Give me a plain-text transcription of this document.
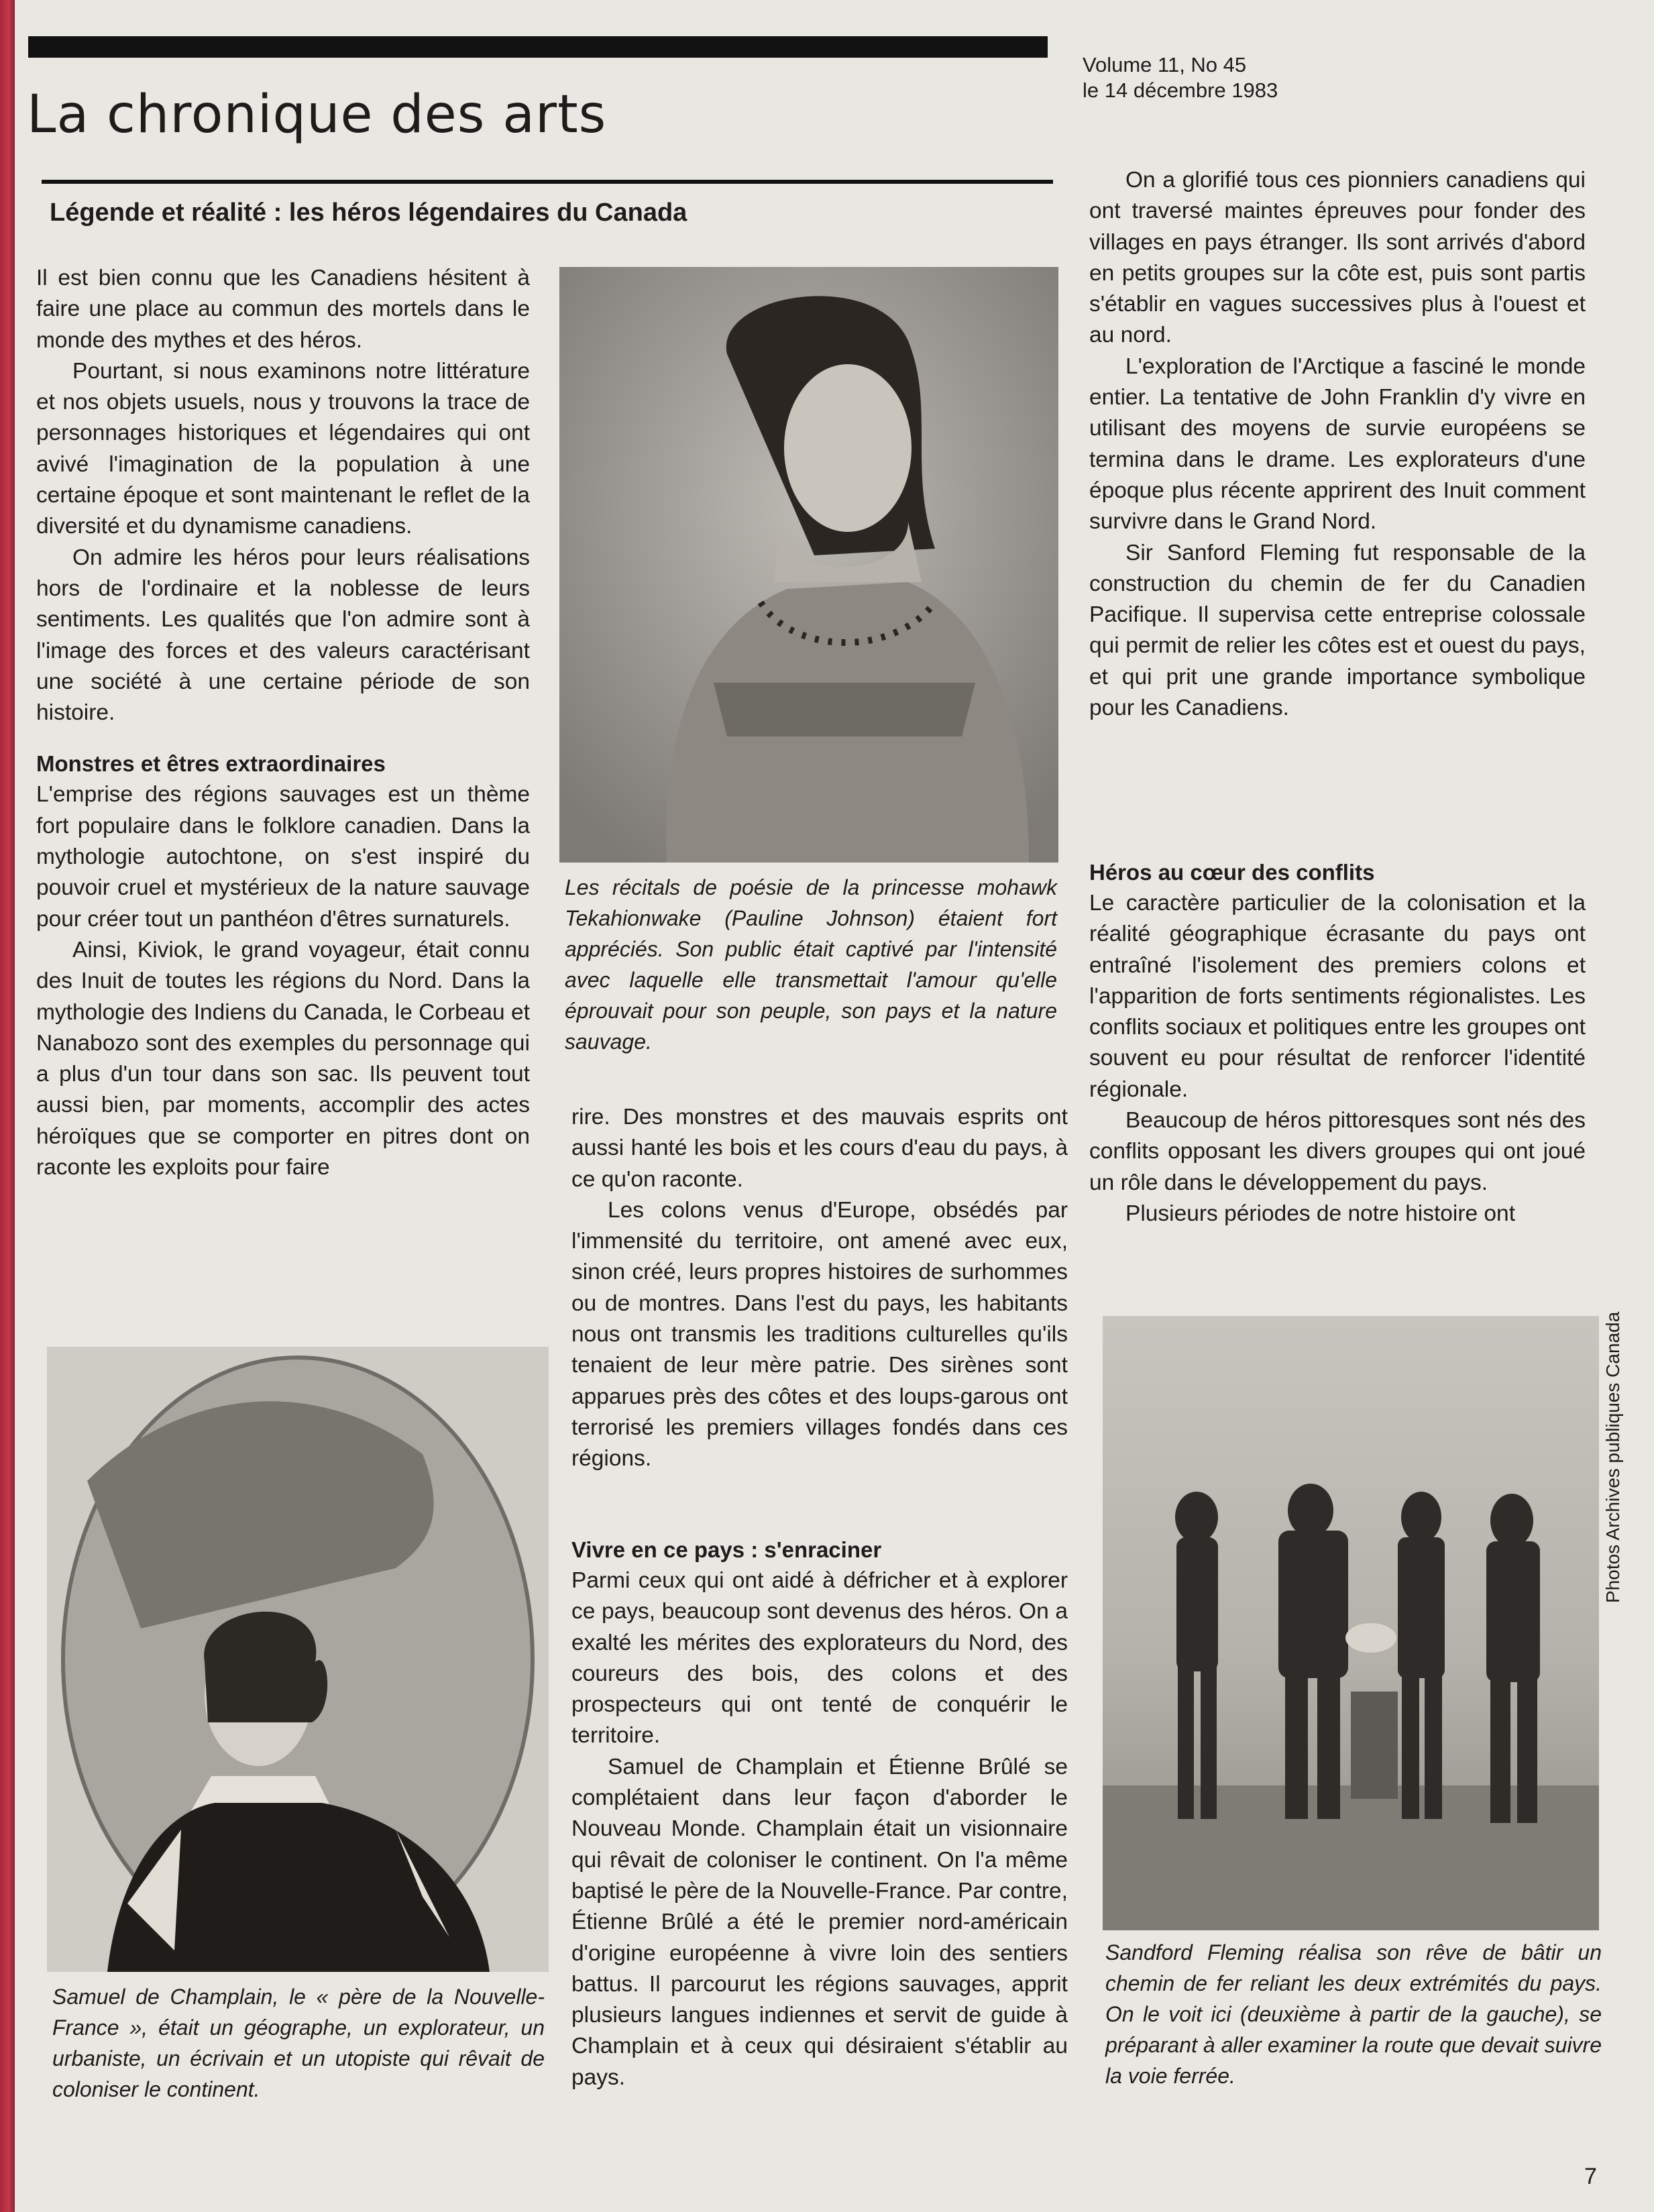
Volume 11, No 45
le 14 décembre 1983
La chronique des arts
Légende et réalité : les héros légendaires du Canada

Il est bien connu que les Canadiens hésitent à faire une place au commun des mortels dans le monde des mythes et des héros.

Pourtant, si nous examinons notre littérature et nos objets usuels, nous y trouvons la trace de personnages historiques et légendaires qui ont avivé l'imagination de la population à une certaine époque et sont maintenant le reflet de la diversité et du dynamisme canadiens.

On admire les héros pour leurs réalisations hors de l'ordinaire et la noblesse de leurs sentiments. Les qualités que l'on admire sont à l'image des forces et des valeurs caractérisant une société à une certaine période de son histoire.

Monstres et êtres extraordinaires

L'emprise des régions sauvages est un thème fort populaire dans le folklore canadien. Dans la mythologie autochtone, on s'est inspiré du pouvoir cruel et mystérieux de la nature sauvage pour créer tout un panthéon d'êtres surnaturels.

Ainsi, Kiviok, le grand voyageur, était connu des Inuit de toutes les régions du Nord. Dans la mythologie des Indiens du Canada, le Corbeau et Nanabozo sont des exemples du personnage qui a plus d'un tour dans son sac. Ils peuvent tout aussi bien, par moments, accomplir des actes héroïques que se comporter en pitres dont on raconte les exploits pour faire

Les récitals de poésie de la princesse mohawk Tekahionwake (Pauline Johnson) étaient fort appréciés. Son public était captivé par l'intensité avec laquelle elle transmettait l'amour qu'elle éprouvait pour son peuple, son pays et la nature sauvage.

rire. Des monstres et des mauvais esprits ont aussi hanté les bois et les cours d'eau du pays, à ce qu'on raconte.

Les colons venus d'Europe, obsédés par l'immensité du territoire, ont amené avec eux, sinon créé, leurs propres histoires de surhommes ou de montres. Dans l'est du pays, les habitants nous ont transmis les traditions culturelles qu'ils tenaient de leur mère patrie. Des sirènes sont apparues près des côtes et des loups-garous ont terrorisé les premiers villages fondés dans ces régions.

Vivre en ce pays : s'enraciner

Parmi ceux qui ont aidé à défricher et à explorer ce pays, beaucoup sont devenus des héros. On a exalté les mérites des explorateurs du Nord, des coureurs des bois, des colons et des prospecteurs qui ont tenté de conquérir le territoire.

Samuel de Champlain et Étienne Brûlé se complétaient dans leur façon d'aborder le Nouveau Monde. Champlain était un visionnaire qui rêvait de coloniser le continent. On l'a même baptisé le père de la Nouvelle-France. Par contre, Étienne Brûlé a été le premier nord-américain d'origine européenne à vivre loin des sentiers battus. Il parcourut les régions sauvages, apprit plusieurs langues indiennes et servit de guide à Champlain et à ceux qui désiraient s'établir au pays.

Samuel de Champlain, le « père de la Nouvelle-France », était un géographe, un explorateur, un urbaniste, un écrivain et un utopiste qui rêvait de coloniser le continent.

On a glorifié tous ces pionniers canadiens qui ont traversé maintes épreuves pour fonder des villages en pays étranger. Ils sont arrivés d'abord en petits groupes sur la côte est, puis sont partis s'établir en vagues successives plus à l'ouest et au nord.

L'exploration de l'Arctique a fasciné le monde entier. La tentative de John Franklin d'y vivre en utilisant des moyens de survie européens se termina dans le drame. Les explorateurs d'une époque plus récente apprirent des Inuit comment survivre dans le Grand Nord.

Sir Sanford Fleming fut responsable de la construction du chemin de fer du Canadien Pacifique. Il supervisa cette entreprise colossale qui permit de relier les côtes est et ouest du pays, et qui prit une grande importance symbolique pour les Canadiens.

Héros au cœur des conflits

Le caractère particulier de la colonisation et la réalité géographique écrasante du pays ont entraîné l'isolement des premiers colons et l'apparition de forts sentiments régionalistes. Les conflits sociaux et politiques entre les groupes ont souvent eu pour résultat de renforcer l'identité régionale.

Beaucoup de héros pittoresques sont nés des conflits opposant les divers groupes qui ont joué un rôle dans le développement du pays.

Plusieurs périodes de notre histoire ont

Sandford Fleming réalisa son rêve de bâtir un chemin de fer reliant les deux extrémités du pays. On le voit ici (deuxième à partir de la gauche), se préparant à aller examiner la route que devait suivre la voie ferrée.
Photos Archives publiques Canada
7
